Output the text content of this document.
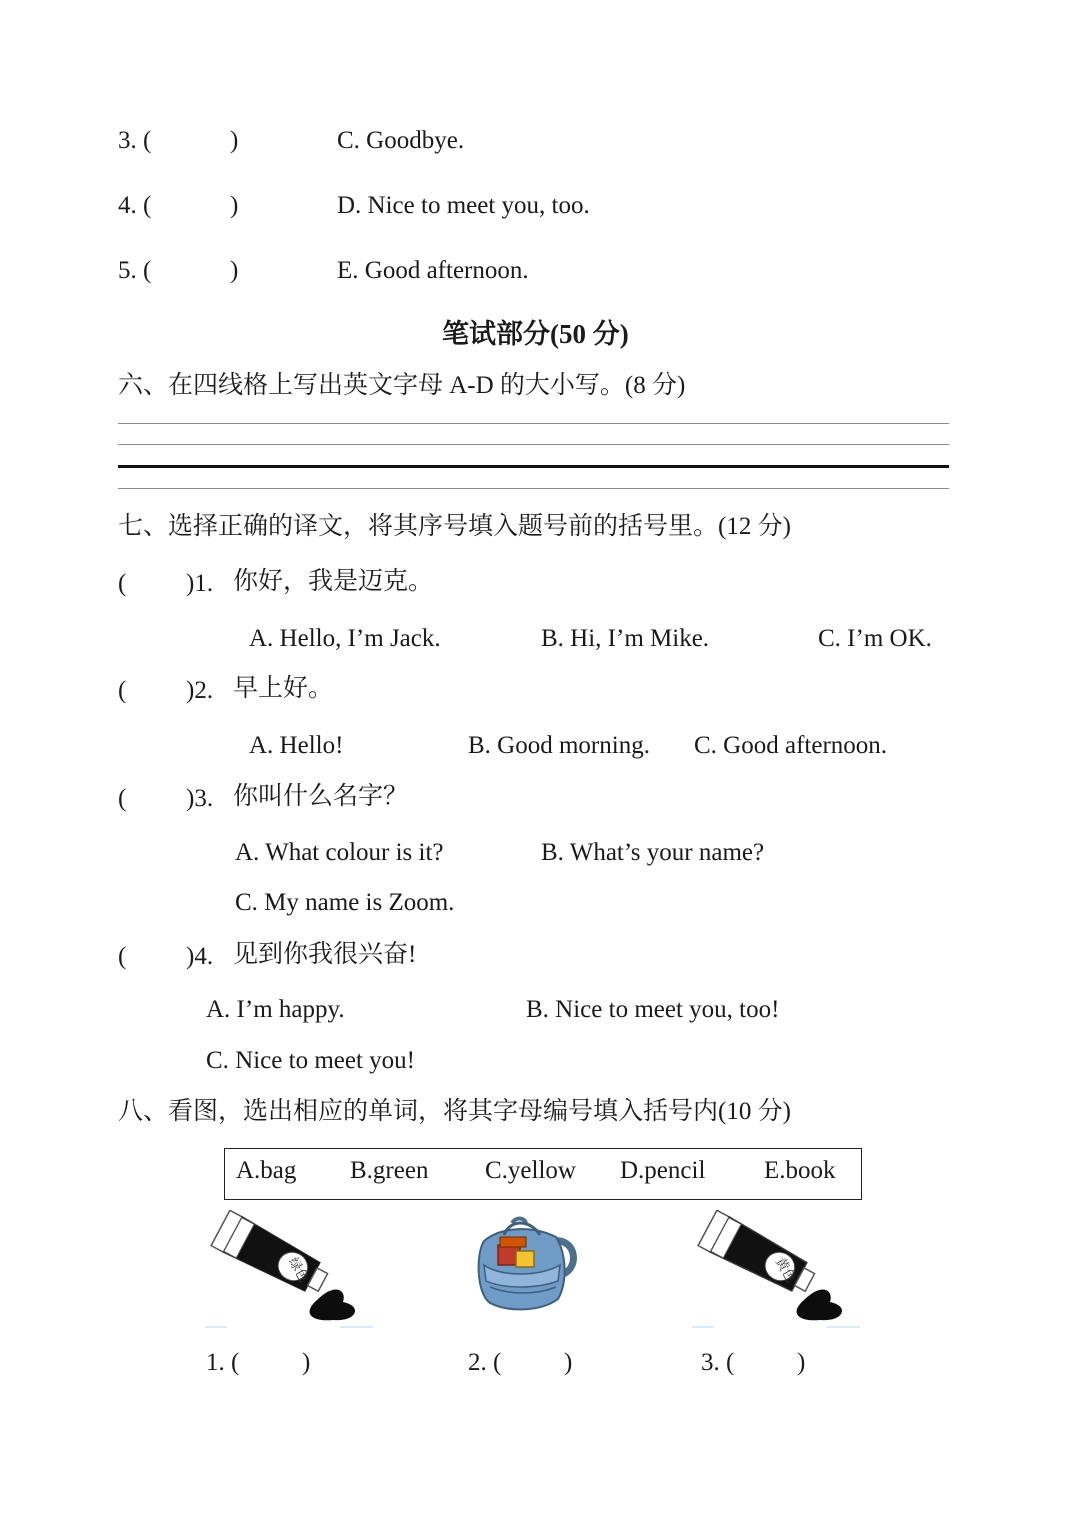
3. (	)	C. Goodbye.
4. (	)	D. Nice to meet you, too.
5. (	)	E. Good afternoon.
笔试部分(50 分)
六、在四线格上写出英文字母 A-D 的大小写。(8 分)
七、选择正确的译文，将其序号填入题号前的括号里。(12 分)
( )1. 你好，我是迈克。
A. Hello, I’m Jack.	B. Hi, I’m Mike.	C. I’m OK.
( )2. 早上好。
A. Hello!	B. Good morning. C. Good afternoon.
( )3. 你叫什么名字？
A. What colour is it?	B. What’s your name?
C. My name is Zoom.
( )4. 见到你我很兴奋!
A. I’m happy.	B. Nice to meet you, too!
C. Nice to meet you!
八、看图，选出相应的单词，将其字母编号填入括号内(10 分)
A.bag B.green C.yellow D.pencil E.book
绿色	黄色
1. (	)	2. (	)	3. (	)
